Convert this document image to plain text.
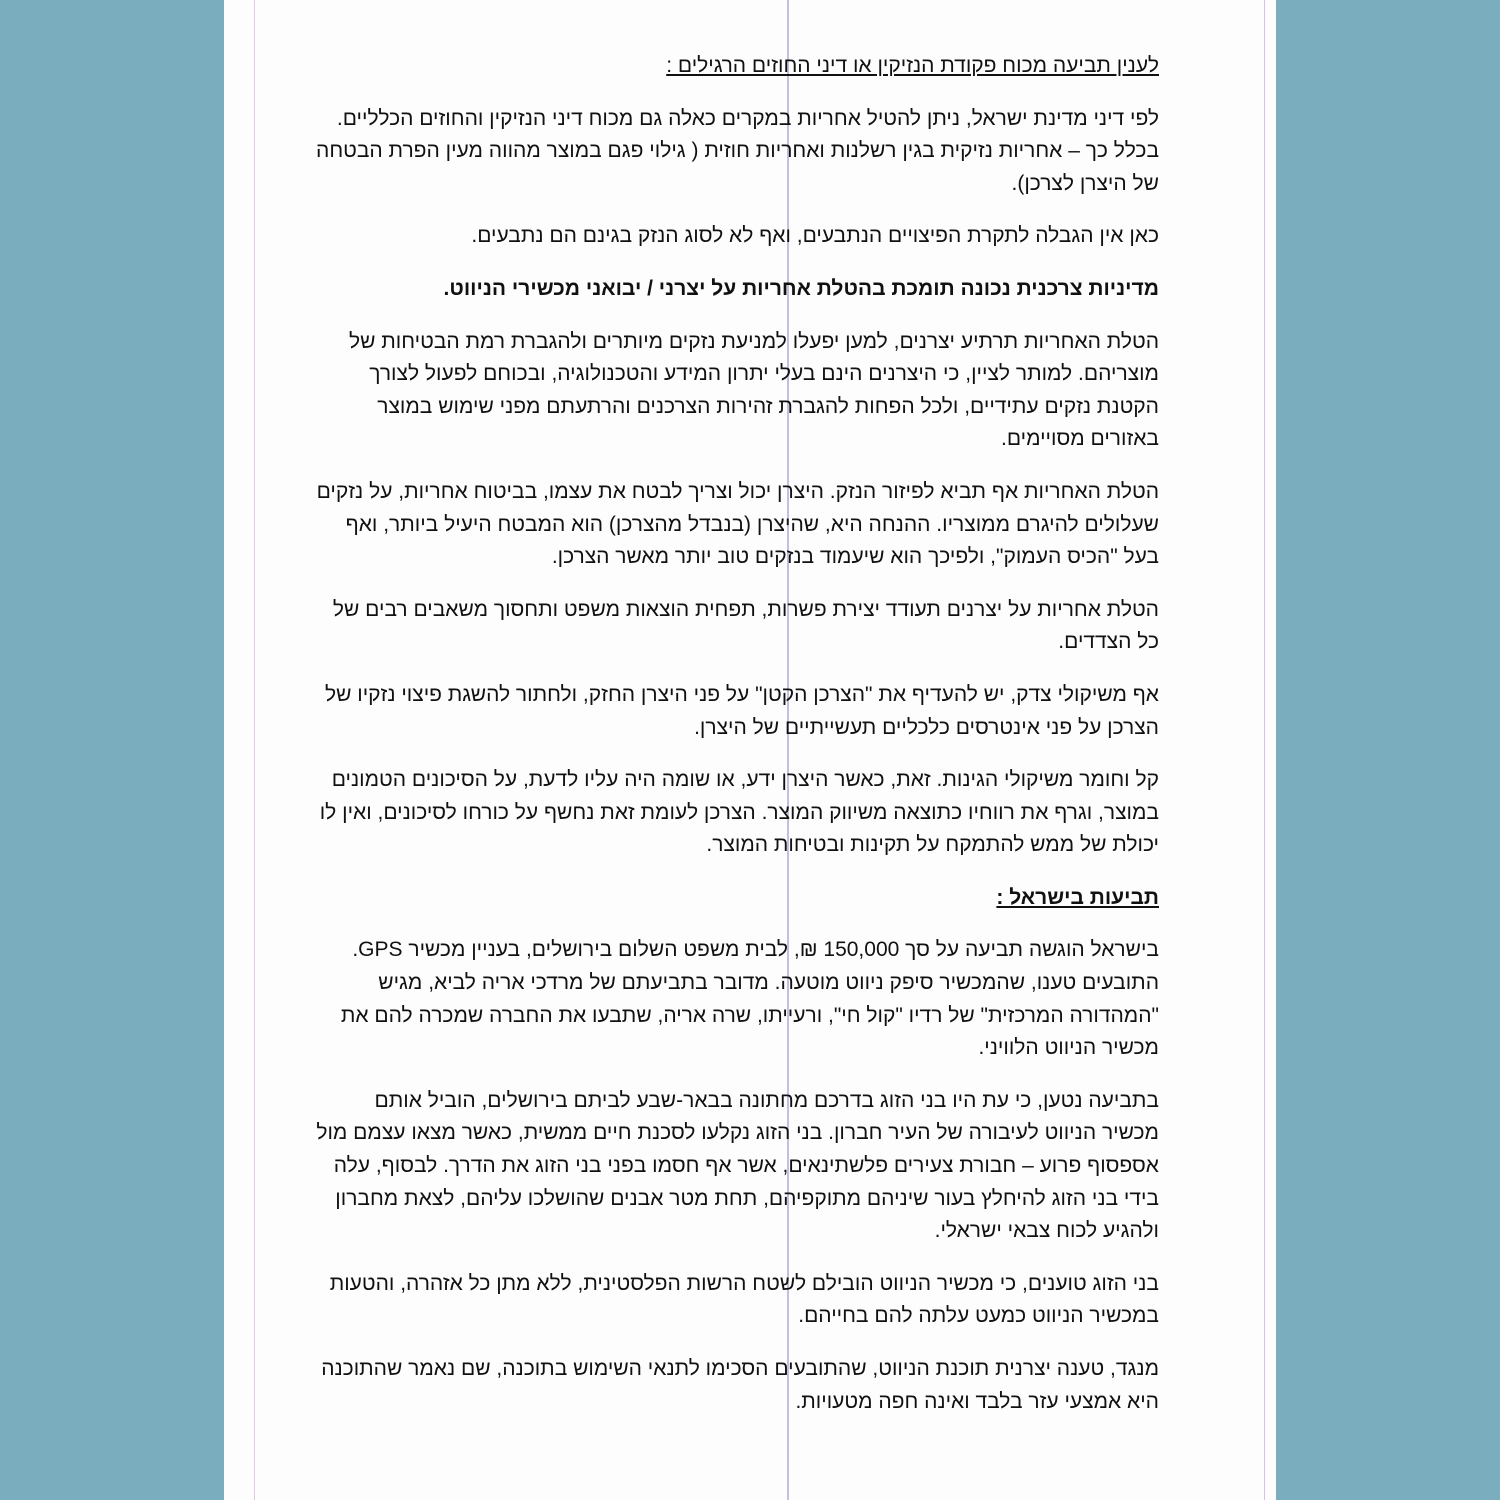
לענין תביעה מכוח פקודת הנזיקין או דיני החוזים הרגילים :

לפי דיני מדינת ישראל, ניתן להטיל אחריות במקרים כאלה גם מכוח דיני הנזיקין והחוזים הכלליים. בכלל כך – אחריות נזיקית בגין רשלנות ואחריות חוזית ( גילוי פגם במוצר מהווה מעין הפרת הבטחה של היצרן לצרכן).

כאן אין הגבלה לתקרת הפיצויים הנתבעים, ואף לא לסוג הנזק בגינם הם נתבעים.

מדיניות צרכנית נכונה תומכת בהטלת אחריות על יצרני / יבואני מכשירי הניווט.

הטלת האחריות תרתיע יצרנים, למען יפעלו למניעת נזקים מיותרים ולהגברת רמת הבטיחות של מוצריהם. למותר לציין, כי היצרנים הינם בעלי יתרון המידע והטכנולוגיה, ובכוחם לפעול לצורך הקטנת נזקים עתידיים, ולכל הפחות להגברת זהירות הצרכנים והרתעתם מפני שימוש במוצר באזורים מסויימים.

הטלת האחריות אף תביא לפיזור הנזק. היצרן יכול וצריך לבטח את עצמו, בביטוח אחריות, על נזקים שעלולים להיגרם ממוצריו. ההנחה היא, שהיצרן (בנבדל מהצרכן) הוא המבטח היעיל ביותר, ואף בעל "הכיס העמוק", ולפיכך הוא שיעמוד בנזקים טוב יותר מאשר הצרכן.

הטלת אחריות על יצרנים תעודד יצירת פשרות, תפחית הוצאות משפט ותחסוך משאבים רבים של כל הצדדים.

אף משיקולי צדק, יש להעדיף את "הצרכן הקטן" על פני היצרן החזק, ולחתור להשגת פיצוי נזקיו של הצרכן על פני אינטרסים כלכליים תעשייתיים של היצרן.

קל וחומר משיקולי הגינות. זאת, כאשר היצרן ידע, או שומה היה עליו לדעת, על הסיכונים הטמונים במוצר, וגרף את רווחיו כתוצאה משיווק המוצר. הצרכן לעומת זאת נחשף על כורחו לסיכונים, ואין לו יכולת של ממש להתמקח על תקינות ובטיחות המוצר.

תביעות בישראל :

בישראל הוגשה תביעה על סך 150,000 ₪, לבית משפט השלום בירושלים, בעניין מכשיר GPS. התובעים טענו, שהמכשיר סיפק ניווט מוטעה. מדובר בתביעתם של מרדכי אריה לביא, מגיש "המהדורה המרכזית" של רדיו "קול חי", ורעייתו, שרה אריה, שתבעו את החברה שמכרה להם את מכשיר הניווט הלוויני.

בתביעה נטען, כי עת היו בני הזוג בדרכם מחתונה בבאר-שבע לביתם בירושלים, הוביל אותם מכשיר הניווט לעיבורה של העיר חברון. בני הזוג נקלעו לסכנת חיים ממשית, כאשר מצאו עצמם מול אספסוף פרוע – חבורת צעירים פלשתינאים, אשר אף חסמו בפני בני הזוג את הדרך. לבסוף, עלה בידי בני הזוג להיחלץ בעור שיניהם מתוקפיהם, תחת מטר אבנים שהושלכו עליהם, לצאת מחברון ולהגיע לכוח צבאי ישראלי.

בני הזוג טוענים, כי מכשיר הניווט הובילם לשטח הרשות הפלסטינית, ללא מתן כל אזהרה, והטעות במכשיר הניווט כמעט עלתה להם בחייהם.

מנגד, טענה יצרנית תוכנת הניווט, שהתובעים הסכימו לתנאי השימוש בתוכנה, שם נאמר שהתוכנה היא אמצעי עזר בלבד ואינה חפה מטעויות.
